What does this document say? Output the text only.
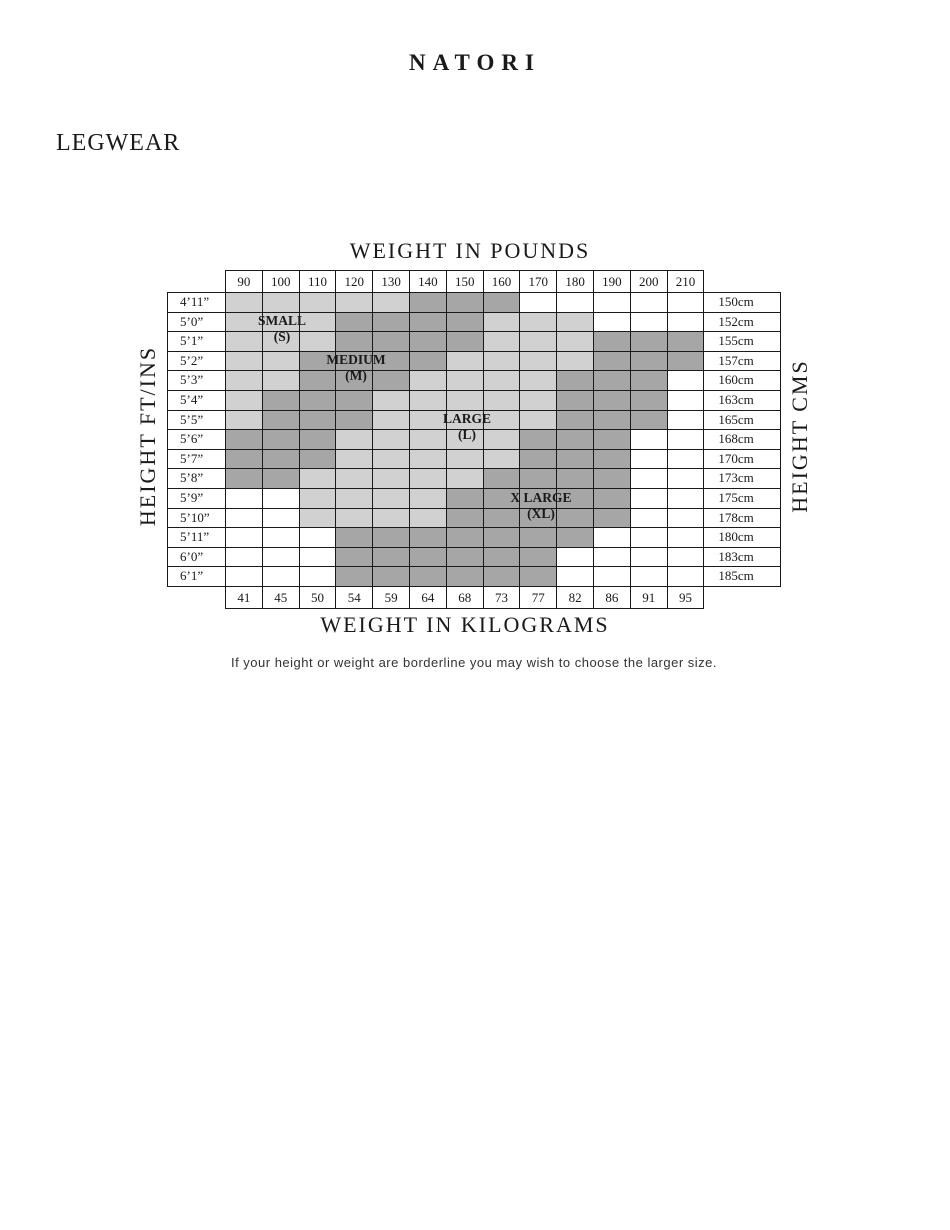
NATORI
LEGWEAR
WEIGHT IN POUNDS
HEIGHT FT/INS	HEIGHT CMS
90	100	110	120	130	140	150	160	170	180	190	200	210
41	45	50	54	59	64	68	73	77	82	86	91	95
4’11”	150cm
5’0”	152cm
5’1”	155cm
5’2”	157cm
5’3”	160cm
5’4”	163cm
5’5”	165cm
5’6”	168cm
5’7”	170cm
5’8”	173cm
5’9”	175cm
5’10”	178cm
5’11”	180cm
6’0”	183cm
6’1”	185cm
SMALL
(S)
MEDIUM
(M)
LARGE
(L)
X LARGE
(XL)
WEIGHT IN KILOGRAMS
If your height or weight are borderline you may wish to choose the larger size.
